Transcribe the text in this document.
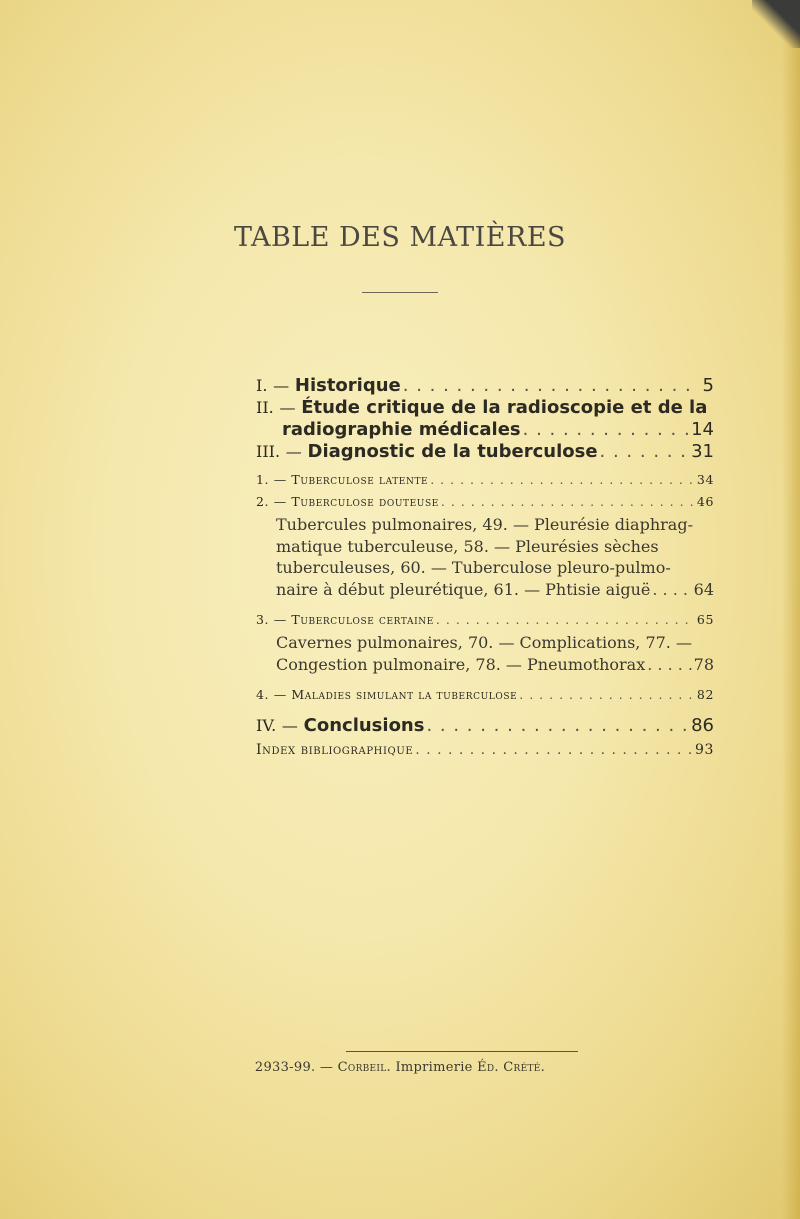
TABLE DES MATIÈRES
I. — Historique . . .	5
II. — Étude critique de la radioscopie et de la
radiographie médicales . . .	14
III. — Diagnostic de la tuberculose . . .	31
1. — Tuberculose latente . . .	34
2. — Tuberculose douteuse . . .	46
Tubercules pulmonaires, 49. — Pleurésie diaphrag-
matique tuberculeuse, 58. — Pleurésies sèches
tuberculeuses, 60. — Tuberculose pleuro-pulmo-
naire à début pleurétique, 61. — Phtisie aiguë . . .	64
3. — Tuberculose certaine . . .	65
Cavernes pulmonaires, 70. — Complications, 77. —
Congestion pulmonaire, 78. — Pneumothorax . . .	78
4. — Maladies simulant la tuberculose . . .	82
IV. — Conclusions . . .	86
Index bibliographique . . .	93
2933-99. — Corbeil. Imprimerie Éd. Crété.
